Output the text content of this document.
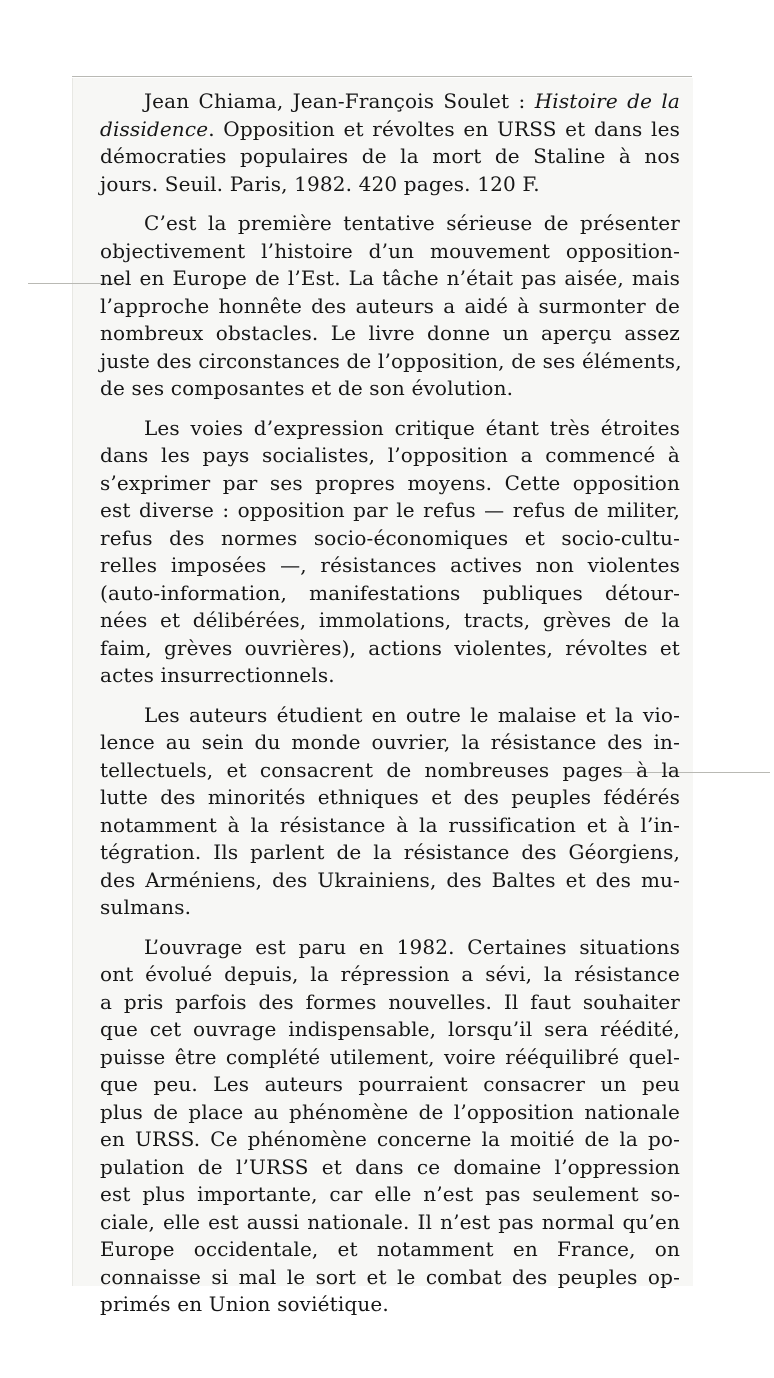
Jean Chiama, Jean-François Soulet : Histoire de la
dissidence. Opposition et révoltes en URSS et dans les
démocraties populaires de la mort de Staline à nos
jours. Seuil. Paris, 1982. 420 pages. 120 F.
C’est la première tentative sérieuse de présenter
objectivement l’histoire d’un mouvement opposition-
nel en Europe de l’Est. La tâche n’était pas aisée, mais
l’approche honnête des auteurs a aidé à surmonter de
nombreux obstacles. Le livre donne un aperçu assez
juste des circonstances de l’opposition, de ses éléments,
de ses composantes et de son évolution.
Les voies d’expression critique étant très étroites
dans les pays socialistes, l’opposition a commencé à
s’exprimer par ses propres moyens. Cette opposition
est diverse : opposition par le refus — refus de militer,
refus des normes socio-économiques et socio-cultu-
relles imposées —, résistances actives non violentes
(auto-information, manifestations publiques détour-
nées et délibérées, immolations, tracts, grèves de la
faim, grèves ouvrières), actions violentes, révoltes et
actes insurrectionnels.
Les auteurs étudient en outre le malaise et la vio-
lence au sein du monde ouvrier, la résistance des in-
tellectuels, et consacrent de nombreuses pages à la
lutte des minorités ethniques et des peuples fédérés
notamment à la résistance à la russification et à l’in-
tégration. Ils parlent de la résistance des Géorgiens,
des Arméniens, des Ukrainiens, des Baltes et des mu-
sulmans.
L’ouvrage est paru en 1982. Certaines situations
ont évolué depuis, la répression a sévi, la résistance
a pris parfois des formes nouvelles. Il faut souhaiter
que cet ouvrage indispensable, lorsqu’il sera réédité,
puisse être complété utilement, voire rééquilibré quel-
que peu. Les auteurs pourraient consacrer un peu
plus de place au phénomène de l’opposition nationale
en URSS. Ce phénomène concerne la moitié de la po-
pulation de l’URSS et dans ce domaine l’oppression
est plus importante, car elle n’est pas seulement so-
ciale, elle est aussi nationale. Il n’est pas normal qu’en
Europe occidentale, et notamment en France, on
connaisse si mal le sort et le combat des peuples op-
primés en Union soviétique.
